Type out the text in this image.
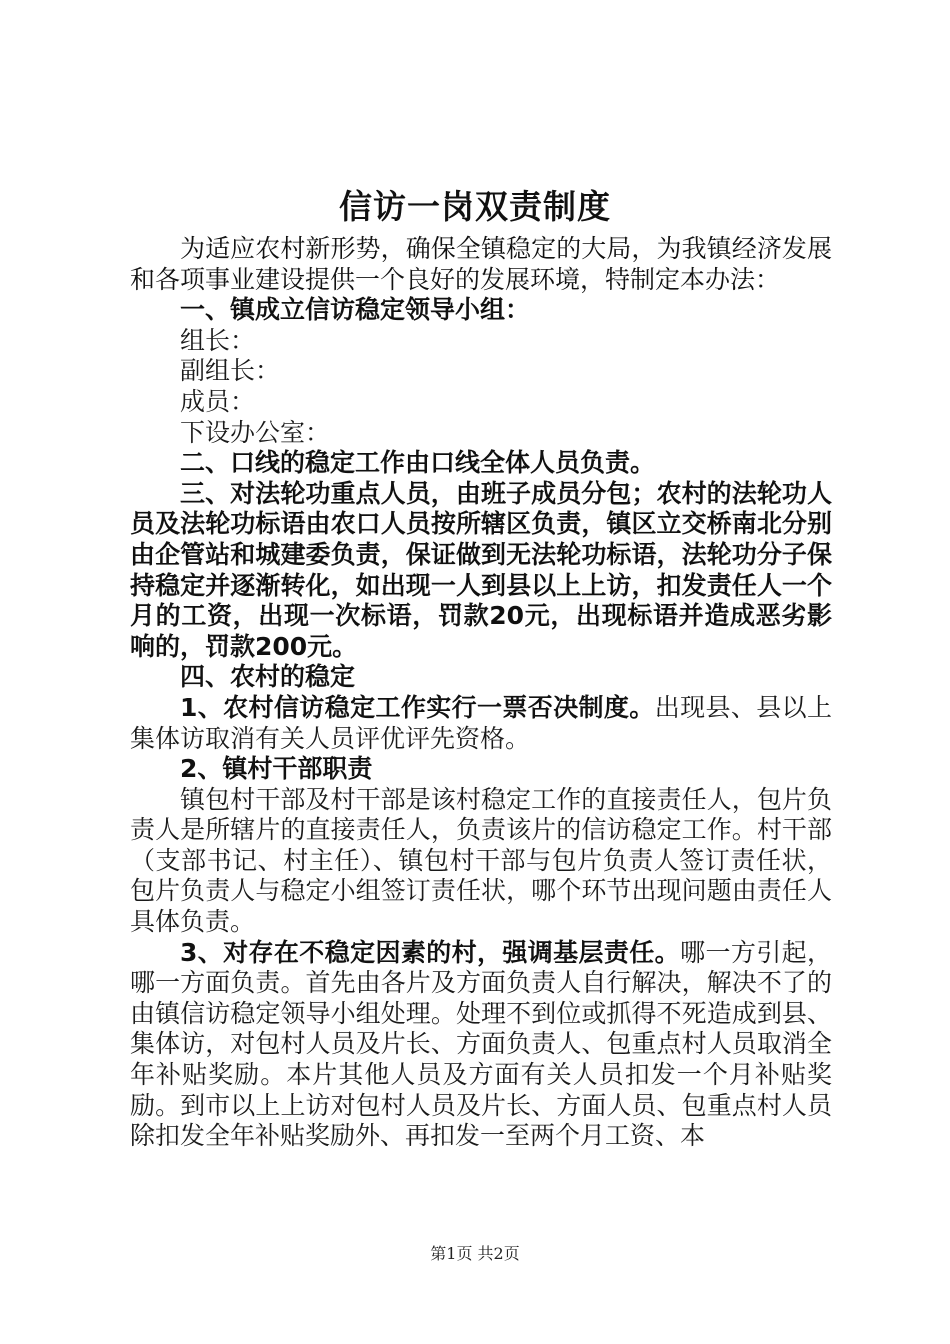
信访一岗双责制度

为适应农村新形势，确保全镇稳定的大局，为我镇经济发展和各项事业建设提供一个良好的发展环境，特制定本办法：

一、镇成立信访稳定领导小组：

组长：

副组长：

成员：

下设办公室：

二、口线的稳定工作由口线全体人员负责。

三、对法轮功重点人员，由班子成员分包；农村的法轮功人员及法轮功标语由农口人员按所辖区负责，镇区立交桥南北分别由企管站和城建委负责，保证做到无法轮功标语，法轮功分子保持稳定并逐渐转化，如出现一人到县以上上访，扣发责任人一个月的工资，出现一次标语，罚款20元，出现标语并造成恶劣影响的，罚款200元。

四、农村的稳定

1、农村信访稳定工作实行一票否决制度。出现县、县以上集体访取消有关人员评优评先资格。

2、镇村干部职责

镇包村干部及村干部是该村稳定工作的直接责任人，包片负责人是所辖片的直接责任人，负责该片的信访稳定工作。村干部（支部书记、村主任）、镇包村干部与包片负责人签订责任状，包片负责人与稳定小组签订责任状，哪个环节出现问题由责任人具体负责。

3、对存在不稳定因素的村，强调基层责任。哪一方引起，哪一方面负责。首先由各片及方面负责人自行解决，解决不了的由镇信访稳定领导小组处理。处理不到位或抓得不死造成到县、集体访，对包村人员及片长、方面负责人、包重点村人员取消全年补贴奖励。本片其他人员及方面有关人员扣发一个月补贴奖励。到市以上上访对包村人员及片长、方面人员、包重点村人员除扣发全年补贴奖励外、再扣发一至两个月工资、本

第1页 共2页
